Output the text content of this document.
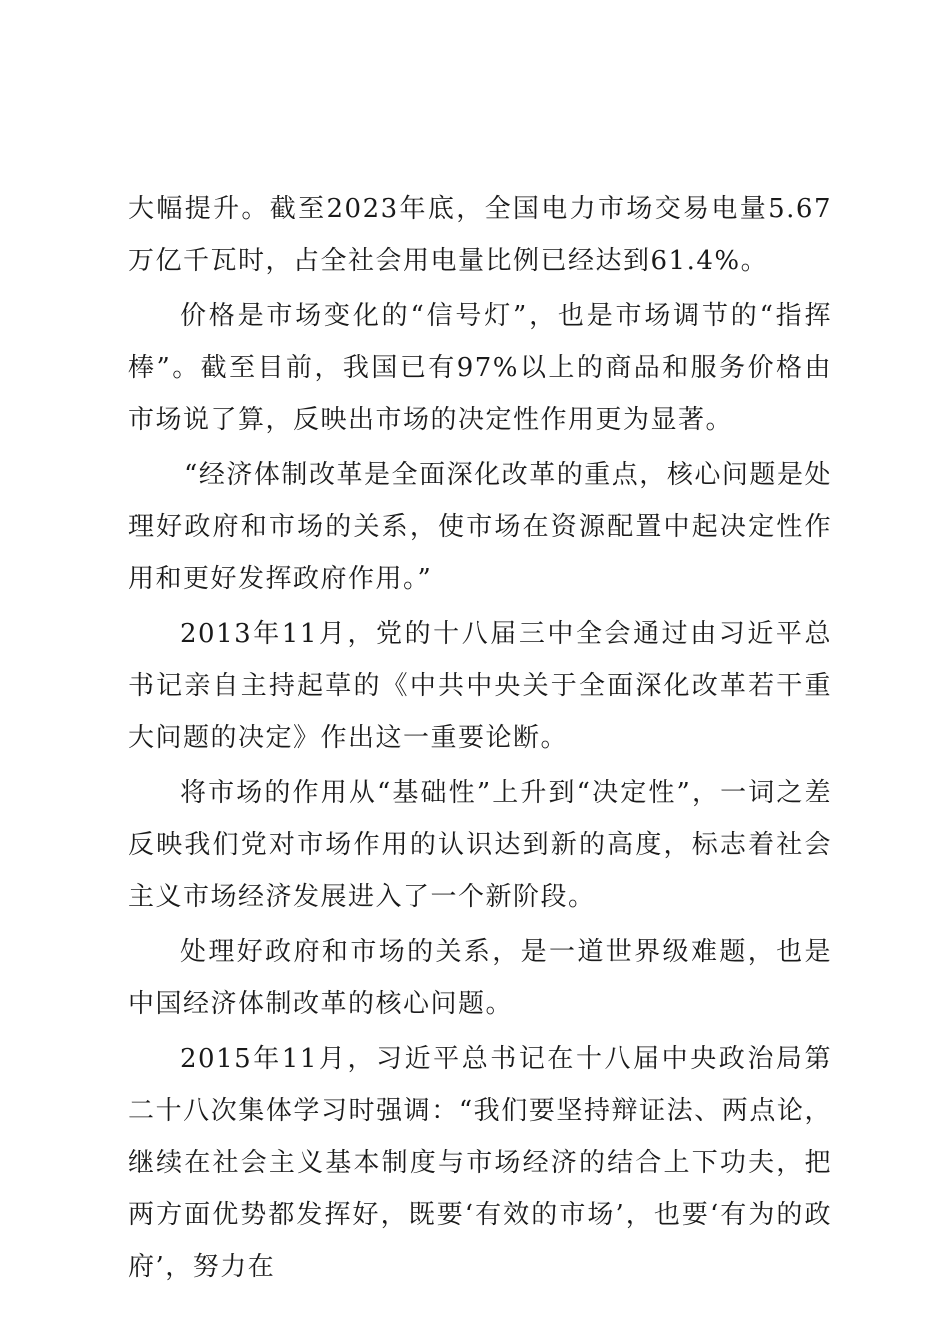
大幅提升。截至2023年底，全国电力市场交易电量5.67万亿千瓦时，占全社会用电量比例已经达到61.4%。

价格是市场变化的“信号灯”，也是市场调节的“指挥棒”。截至目前，我国已有97%以上的商品和服务价格由市场说了算，反映出市场的决定性作用更为显著。

“经济体制改革是全面深化改革的重点，核心问题是处理好政府和市场的关系，使市场在资源配置中起决定性作用和更好发挥政府作用。”

2013年11月，党的十八届三中全会通过由习近平总书记亲自主持起草的《中共中央关于全面深化改革若干重大问题的决定》作出这一重要论断。

将市场的作用从“基础性”上升到“决定性”，一词之差反映我们党对市场作用的认识达到新的高度，标志着社会主义市场经济发展进入了一个新阶段。

处理好政府和市场的关系，是一道世界级难题，也是中国经济体制改革的核心问题。

2015年11月，习近平总书记在十八届中央政治局第二十八次集体学习时强调：“我们要坚持辩证法、两点论，继续在社会主义基本制度与市场经济的结合上下功夫，把两方面优势都发挥好，既要‘有效的市场’，也要‘有为的政府’，努力在
